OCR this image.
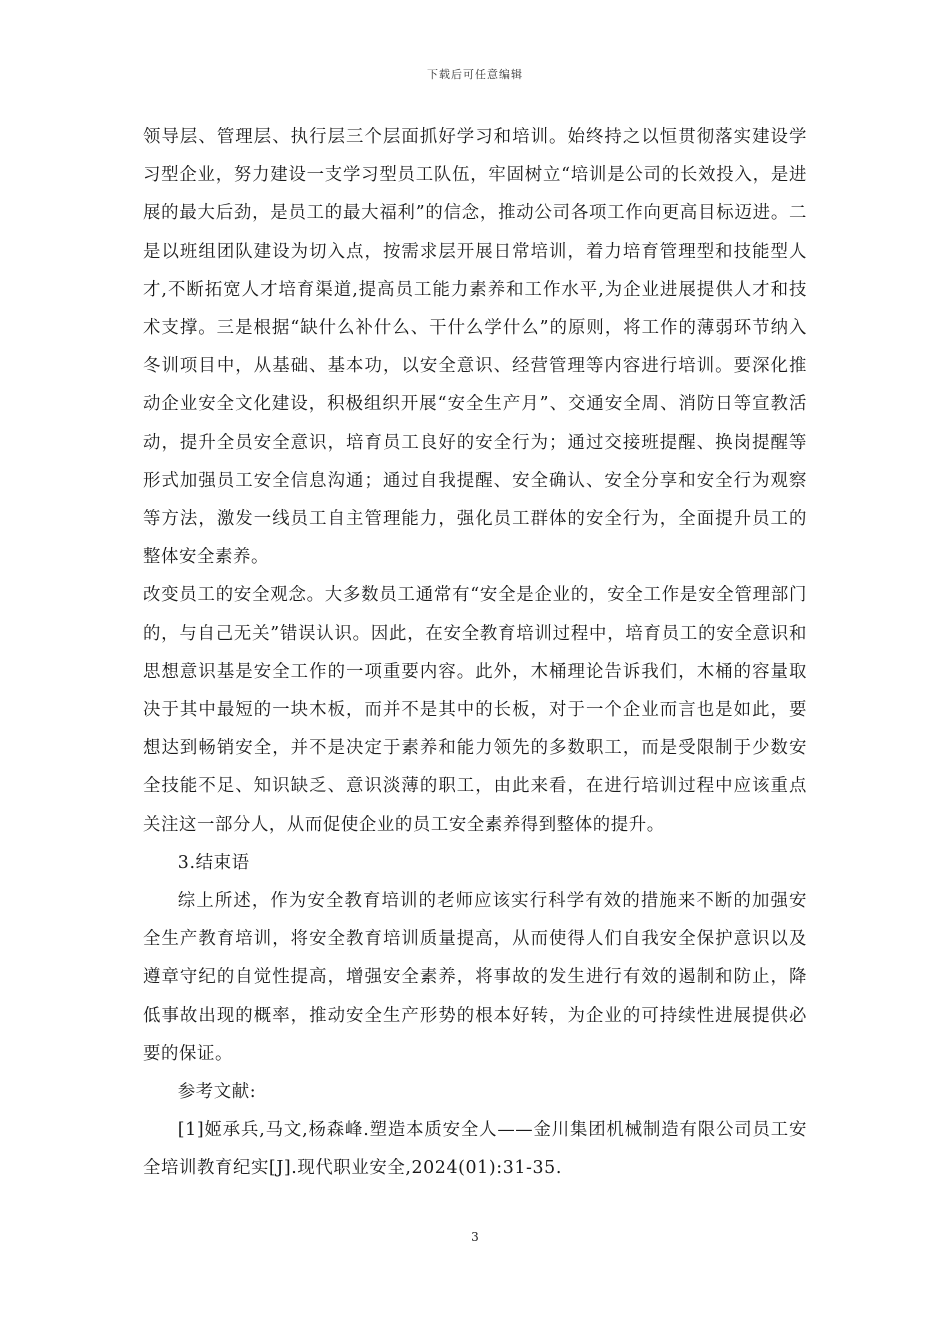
下载后可任意编辑

领导层、管理层、执行层三个层面抓好学习和培训。始终持之以恒贯彻落实建设学习型企业，努力建设一支学习型员工队伍，牢固树立“培训是公司的长效投入，是进展的最大后劲，是员工的最大福利”的信念，推动公司各项工作向更高目标迈进。二是以班组团队建设为切入点，按需求层开展日常培训，着力培育管理型和技能型人才,不断拓宽人才培育渠道,提高员工能力素养和工作水平,为企业进展提供人才和技术支撑。三是根据“缺什么补什么、干什么学什么”的原则，将工作的薄弱环节纳入冬训项目中，从基础、基本功，以安全意识、经营管理等内容进行培训。要深化推动企业安全文化建设，积极组织开展“安全生产月”、交通安全周、消防日等宣教活动，提升全员安全意识，培育员工良好的安全行为；通过交接班提醒、换岗提醒等形式加强员工安全信息沟通；通过自我提醒、安全确认、安全分享和安全行为观察等方法，激发一线员工自主管理能力，强化员工群体的安全行为，全面提升员工的整体安全素养。

改变员工的安全观念。大多数员工通常有“安全是企业的，安全工作是安全管理部门的，与自己无关”错误认识。因此，在安全教育培训过程中，培育员工的安全意识和思想意识基是安全工作的一项重要内容。此外，木桶理论告诉我们，木桶的容量取决于其中最短的一块木板，而并不是其中的长板，对于一个企业而言也是如此，要想达到畅销安全，并不是决定于素养和能力领先的多数职工，而是受限制于少数安全技能不足、知识缺乏、意识淡薄的职工，由此来看，在进行培训过程中应该重点关注这一部分人，从而促使企业的员工安全素养得到整体的提升。

3.结束语

综上所述，作为安全教育培训的老师应该实行科学有效的措施来不断的加强安全生产教育培训，将安全教育培训质量提高，从而使得人们自我安全保护意识以及遵章守纪的自觉性提高，增强安全素养，将事故的发生进行有效的遏制和防止，降低事故出现的概率，推动安全生产形势的根本好转，为企业的可持续性进展提供必要的保证。

参考文献:

[1]姬承兵,马文,杨森峰.塑造本质安全人——金川集团机械制造有限公司员工安全培训教育纪实[J].现代职业安全,2024(01):31-35.

3
